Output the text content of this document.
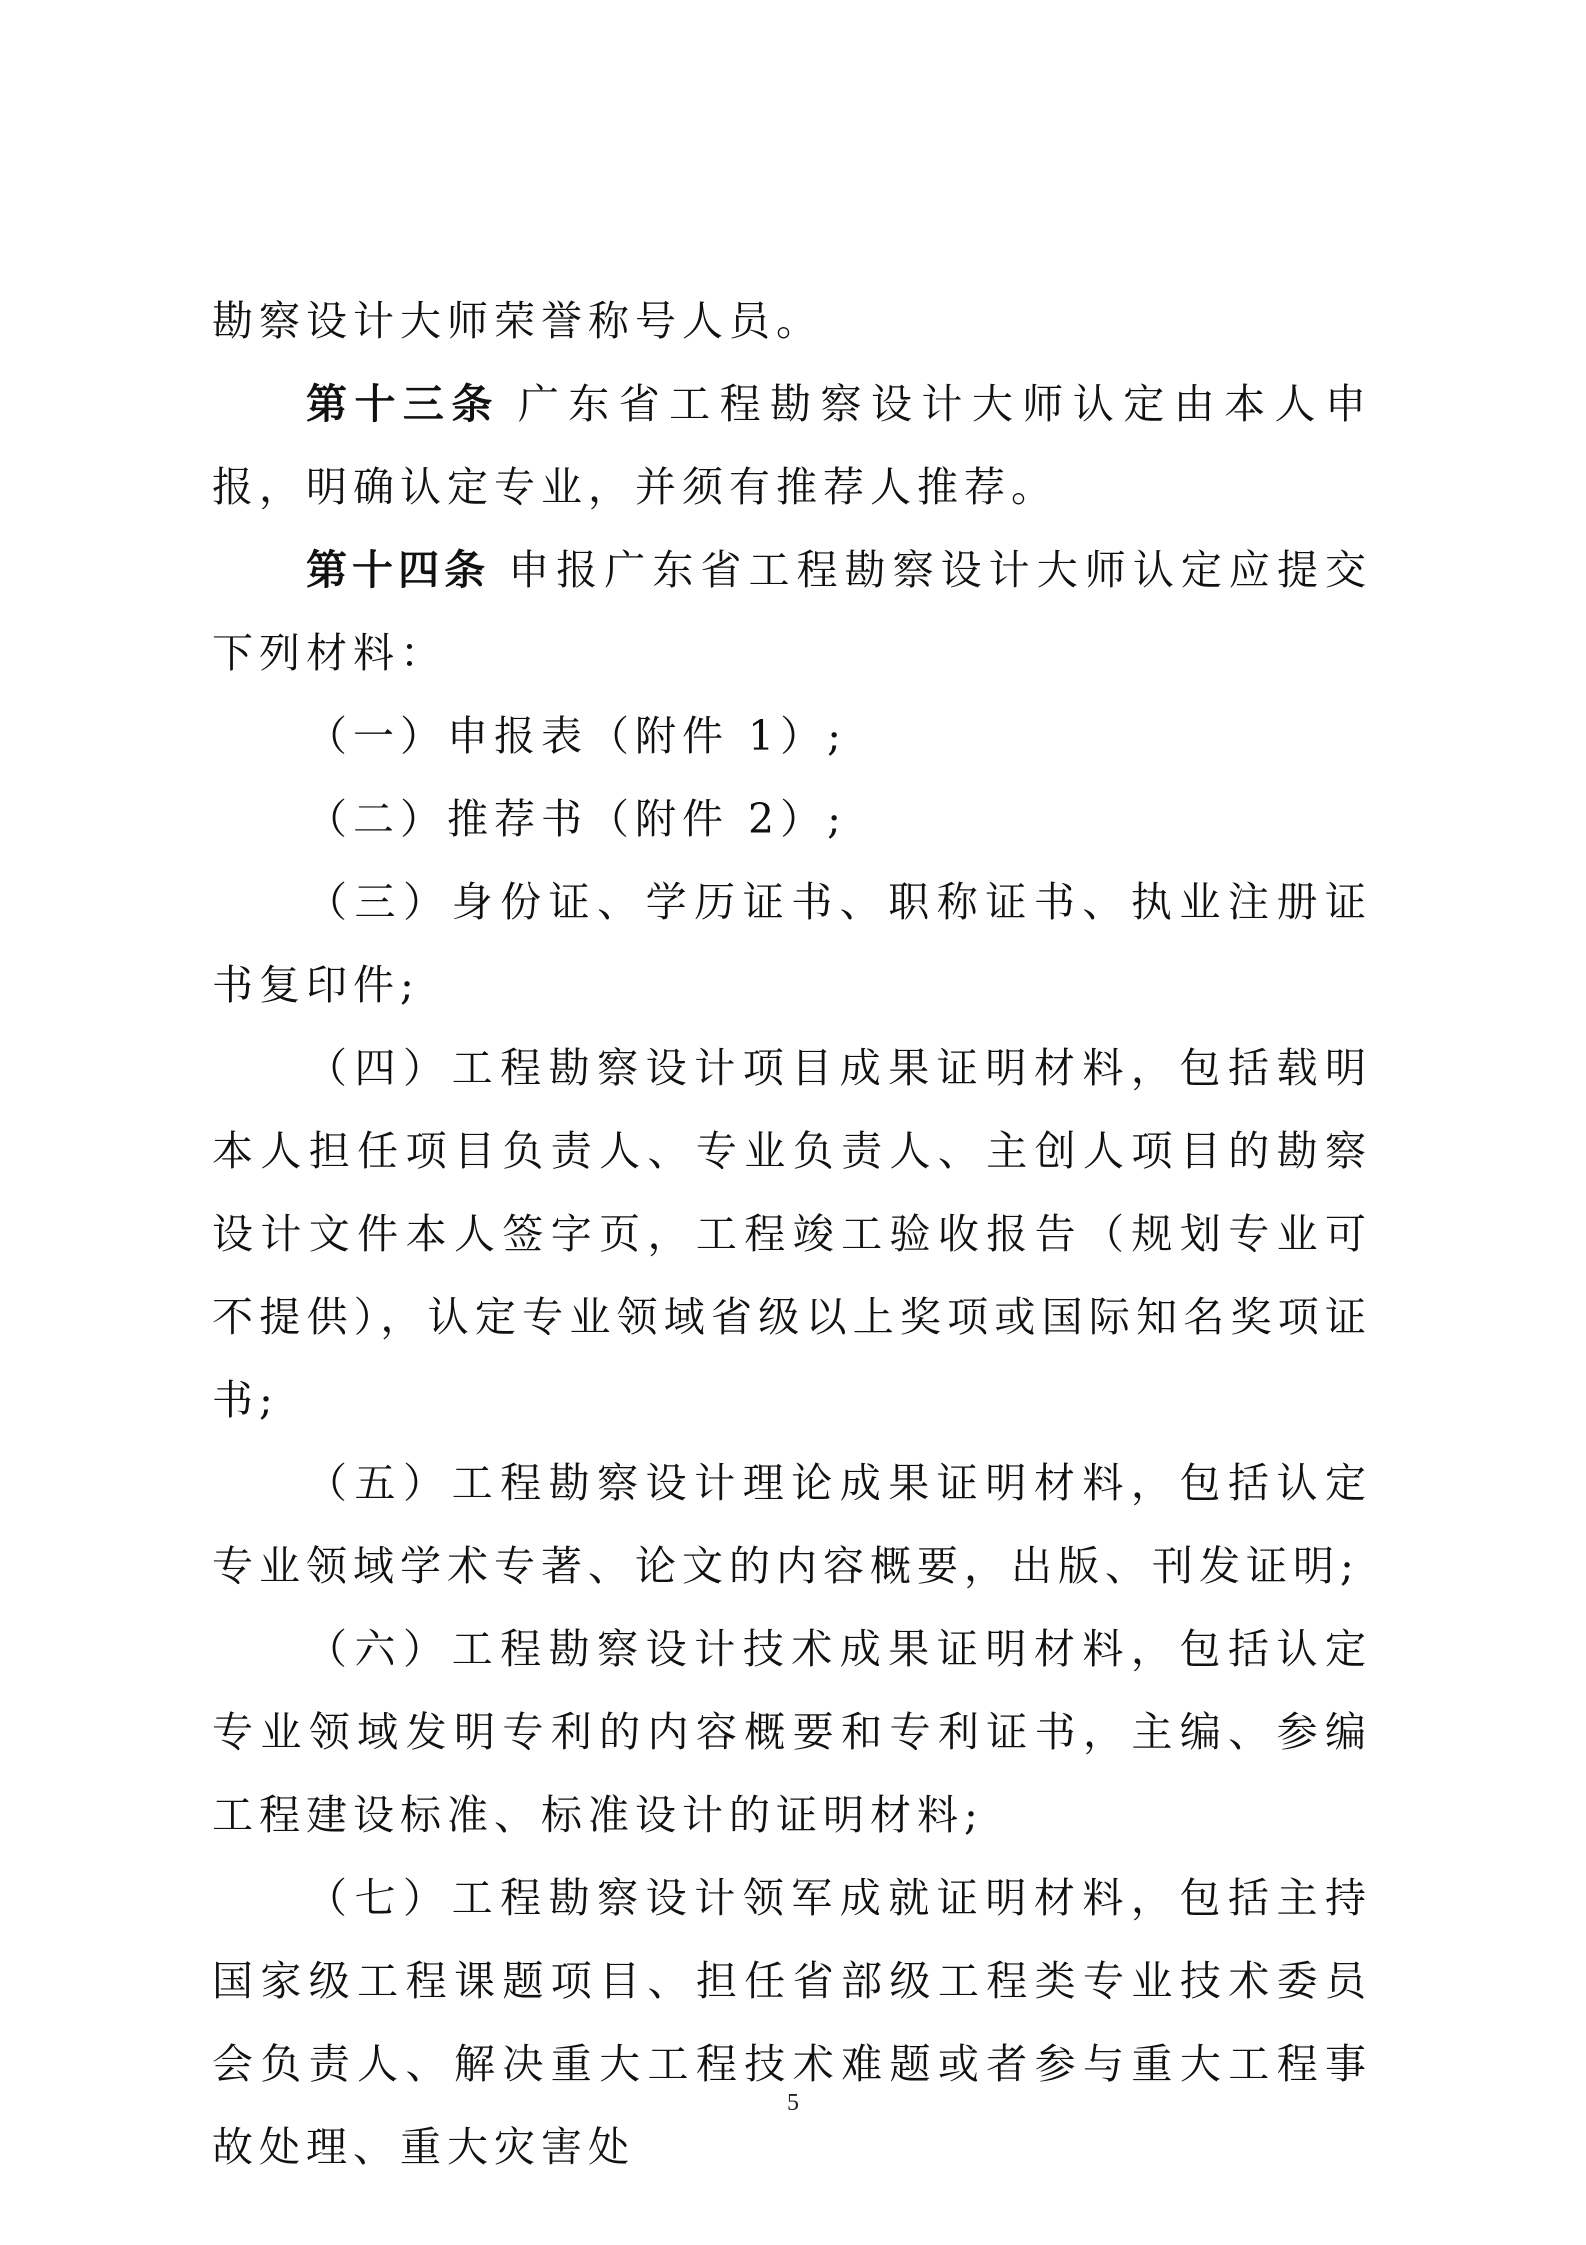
勘察设计大师荣誉称号人员。

第十三条 广东省工程勘察设计大师认定由本人申报，明确认定专业，并须有推荐人推荐。

第十四条 申报广东省工程勘察设计大师认定应提交下列材料：

（一）申报表（附件 1）;

（二）推荐书（附件 2）;

（三）身份证、学历证书、职称证书、执业注册证书复印件;

（四）工程勘察设计项目成果证明材料，包括载明本人担任项目负责人、专业负责人、主创人项目的勘察设计文件本人签字页，工程竣工验收报告（规划专业可不提供），认定专业领域省级以上奖项或国际知名奖项证书;

（五）工程勘察设计理论成果证明材料，包括认定专业领域学术专著、论文的内容概要，出版、刊发证明;

（六）工程勘察设计技术成果证明材料，包括认定专业领域发明专利的内容概要和专利证书，主编、参编工程建设标准、标准设计的证明材料;

（七）工程勘察设计领军成就证明材料，包括主持国家级工程课题项目、担任省部级工程类专业技术委员会负责人、解决重大工程技术难题或者参与重大工程事故处理、重大灾害处

5
